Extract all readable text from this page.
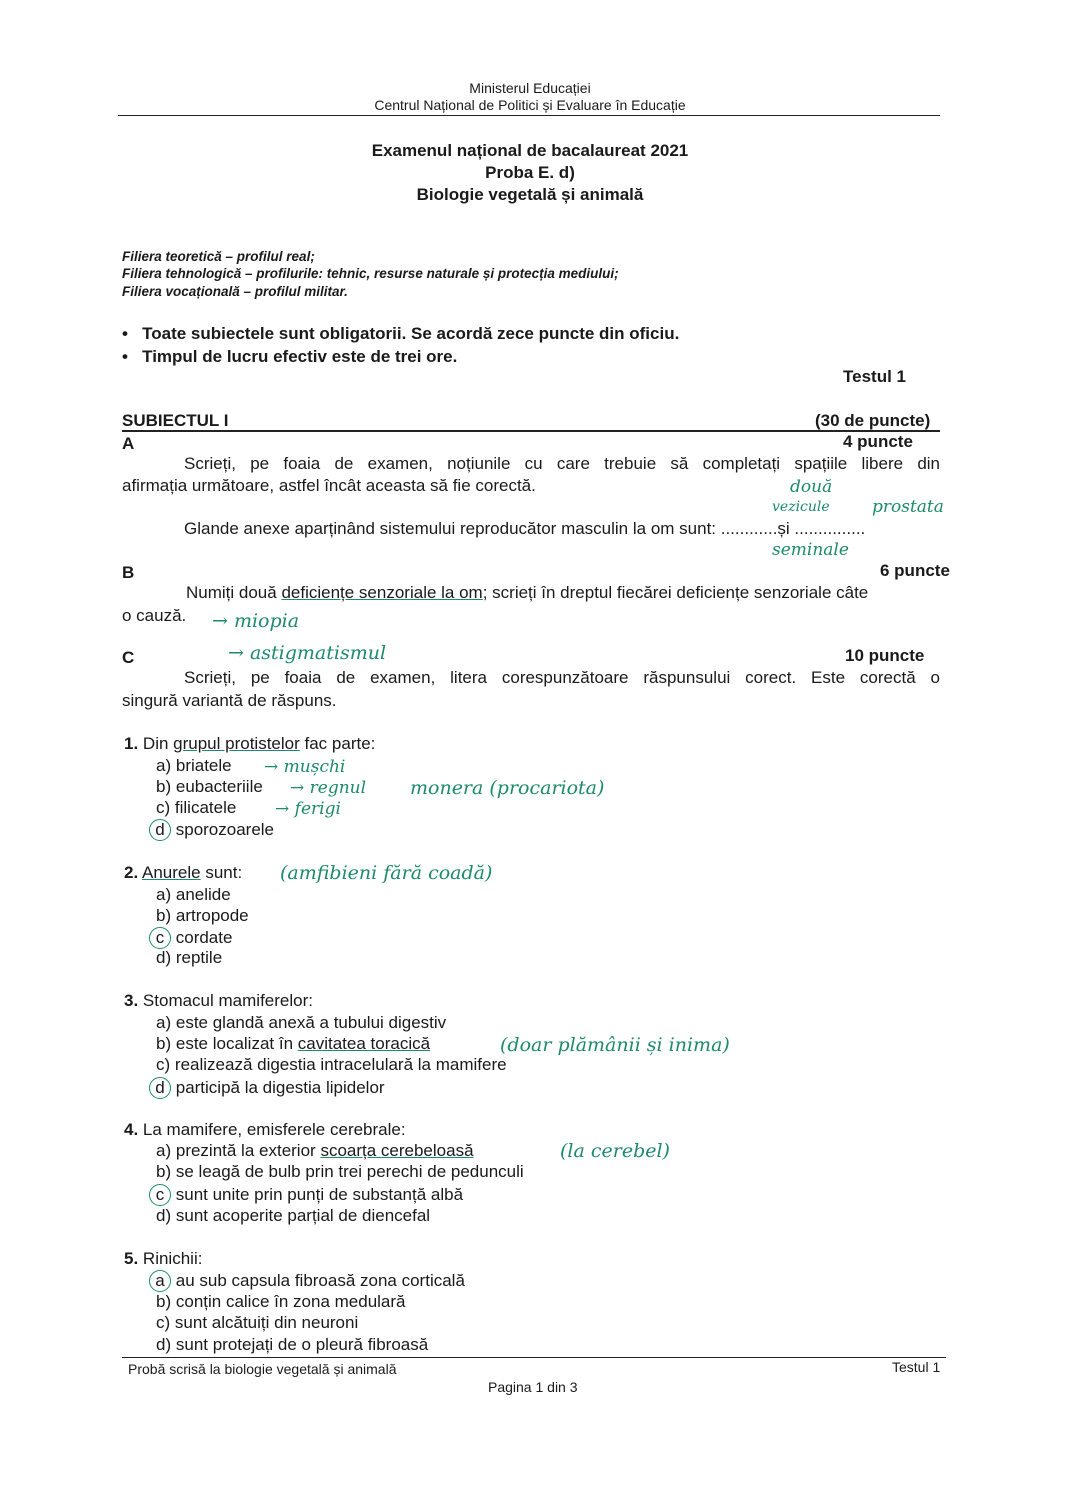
Ministerul Educației
Centrul Național de Politici și Evaluare în Educație
Examenul național de bacalaureat 2021
Proba E. d)
Biologie vegetală și animală
Filiera teoretică – profilul real;
Filiera tehnologică – profilurile: tehnic, resurse naturale și protecția mediului;
Filiera vocațională – profilul militar.
•   Toate subiectele sunt obligatorii. Se acordă zece puncte din oficiu.
•   Timpul de lucru efectiv este de trei ore.
Testul 1
SUBIECTUL I	(30 de puncte)
A	4 puncte
Scrieți, pe foaia de examen, noțiunile cu care trebuie să completați spațiile libere din
afirmația următoare, astfel încât aceasta să fie corectă.
Glande anexe aparținând sistemului reproducător masculin la om sunt: ............și ...............
două
vezicule prostata
seminale
B	6 puncte
Numiți două deficiențe senzoriale la om; scrieți în dreptul fiecărei deficiențe senzoriale câte
o cauză. → miopia
→ astigmatismul
C	10 puncte
Scrieți, pe foaia de examen, litera corespunzătoare răspunsului corect. Este corectă o
singură variantă de răspuns.
1. Din grupul protistelor fac parte:
a) briatele
b) eubacteriile
c) filicatele
d sporozoarele
→ mușchi
→ regnul monera (procariota)
→ ferigi
2. Anurele sunt: (amfibieni fără coadă)
a) anelide
b) artropode
c cordate
d) reptile
3. Stomacul mamiferelor:
a) este glandă anexă a tubului digestiv
b) este localizat în cavitatea toracică	(doar plămânii și inima)
c) realizează digestia intracelulară la mamifere
d participă la digestia lipidelor
4. La mamifere, emisferele cerebrale:
a) prezintă la exterior scoarța cerebeloasă	(la cerebel)
b) se leagă de bulb prin trei perechi de pedunculi
c sunt unite prin punți de substanță albă
d) sunt acoperite parțial de diencefal
5. Rinichii:
a au sub capsula fibroasă zona corticală
b) conțin calice în zona medulară
c) sunt alcătuiți din neuroni
d) sunt protejați de o pleură fibroasă
Probă scrisă la biologie vegetală și animală	Testul 1
Pagina 1 din 3
